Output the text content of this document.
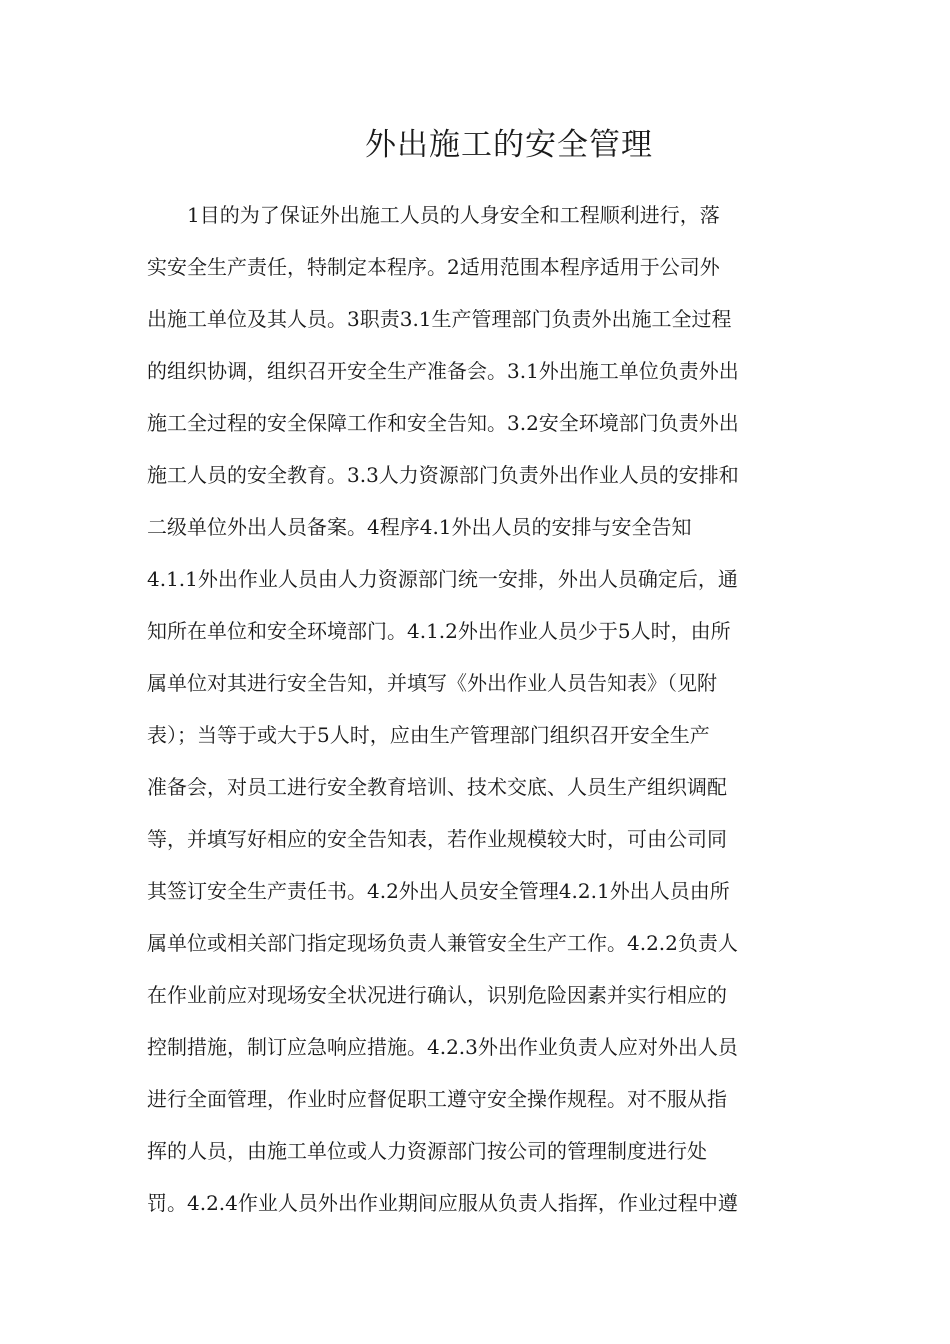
外出施工的安全管理
　　1目的为了保证外出施工人员的人身安全和工程顺利进行，落
实安全生产责任，特制定本程序。2适用范围本程序适用于公司外
出施工单位及其人员。3职责3.1生产管理部门负责外出施工全过程
的组织协调，组织召开安全生产准备会。3.1外出施工单位负责外出
施工全过程的安全保障工作和安全告知。3.2安全环境部门负责外出
施工人员的安全教育。3.3人力资源部门负责外出作业人员的安排和
二级单位外出人员备案。4程序4.1外出人员的安排与安全告知
4.1.1外出作业人员由人力资源部门统一安排，外出人员确定后，通
知所在单位和安全环境部门。4.1.2外出作业人员少于5人时，由所
属单位对其进行安全告知，并填写《外出作业人员告知表》（见附
表）；当等于或大于5人时，应由生产管理部门组织召开安全生产
准备会，对员工进行安全教育培训、技术交底、人员生产组织调配
等，并填写好相应的安全告知表，若作业规模较大时，可由公司同
其签订安全生产责任书。4.2外出人员安全管理4.2.1外出人员由所
属单位或相关部门指定现场负责人兼管安全生产工作。4.2.2负责人
在作业前应对现场安全状况进行确认，识别危险因素并实行相应的
控制措施，制订应急响应措施。4.2.3外出作业负责人应对外出人员
进行全面管理，作业时应督促职工遵守安全操作规程。对不服从指
挥的人员，由施工单位或人力资源部门按公司的管理制度进行处
罚。4.2.4作业人员外出作业期间应服从负责人指挥，作业过程中遵
